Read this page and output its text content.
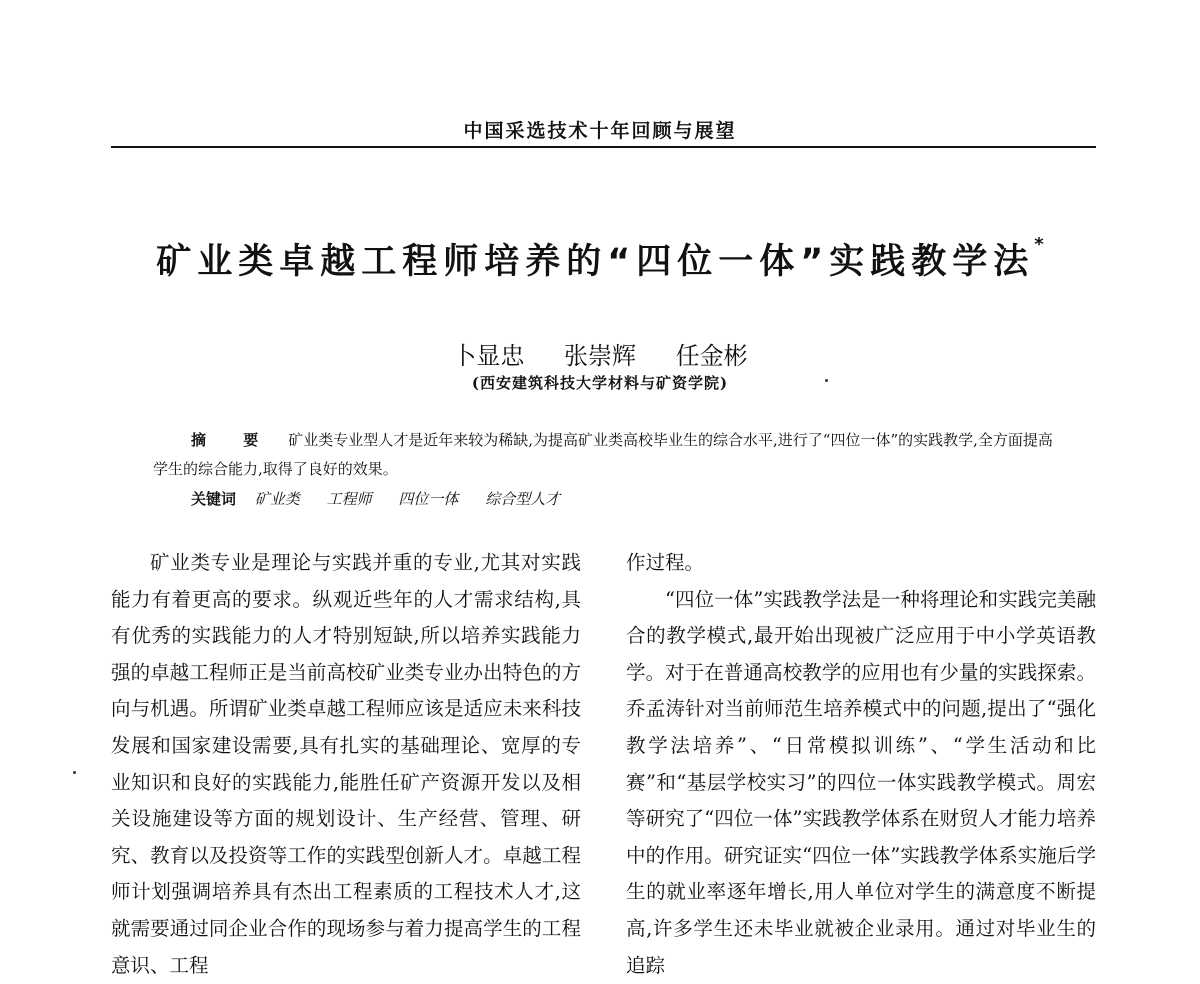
中国采选技术十年回顾与展望
矿业类卓越工程师培养的“四位一体”实践教学法*
卜显忠 张崇辉 任金彬
(西安建筑科技大学材料与矿资学院)
摘 要 矿业类专业型人才是近年来较为稀缺,为提高矿业类高校毕业生的综合水平,进行了“四位一体”的实践教学,全方面提高学生的综合能力,取得了良好的效果。
关键词 矿业类 工程师 四位一体 综合型人才

矿业类专业是理论与实践并重的专业,尤其对实践能力有着更高的要求。纵观近些年的人才需求结构,具有优秀的实践能力的人才特别短缺,所以培养实践能力强的卓越工程师正是当前高校矿业类专业办出特色的方向与机遇。所谓矿业类卓越工程师应该是适应未来科技发展和国家建设需要,具有扎实的基础理论、宽厚的专业知识和良好的实践能力,能胜任矿产资源开发以及相关设施建设等方面的规划设计、生产经营、管理、研究、教育以及投资等工作的实践型创新人才。卓越工程师计划强调培养具有杰出工程素质的工程技术人才,这就需要通过同企业合作的现场参与着力提高学生的工程意识、工程

作过程。

“四位一体”实践教学法是一种将理论和实践完美融合的教学模式,最开始出现被广泛应用于中小学英语教学。对于在普通高校教学的应用也有少量的实践探索。乔孟涛针对当前师范生培养模式中的问题,提出了“强化教学法培养”、“日常模拟训练”、“学生活动和比赛”和“基层学校实习”的四位一体实践教学模式。周宏等研究了“四位一体”实践教学体系在财贸人才能力培养中的作用。研究证实“四位一体”实践教学体系实施后学生的就业率逐年增长,用人单位对学生的满意度不断提高,许多学生还未毕业就被企业录用。通过对毕业生的追踪
